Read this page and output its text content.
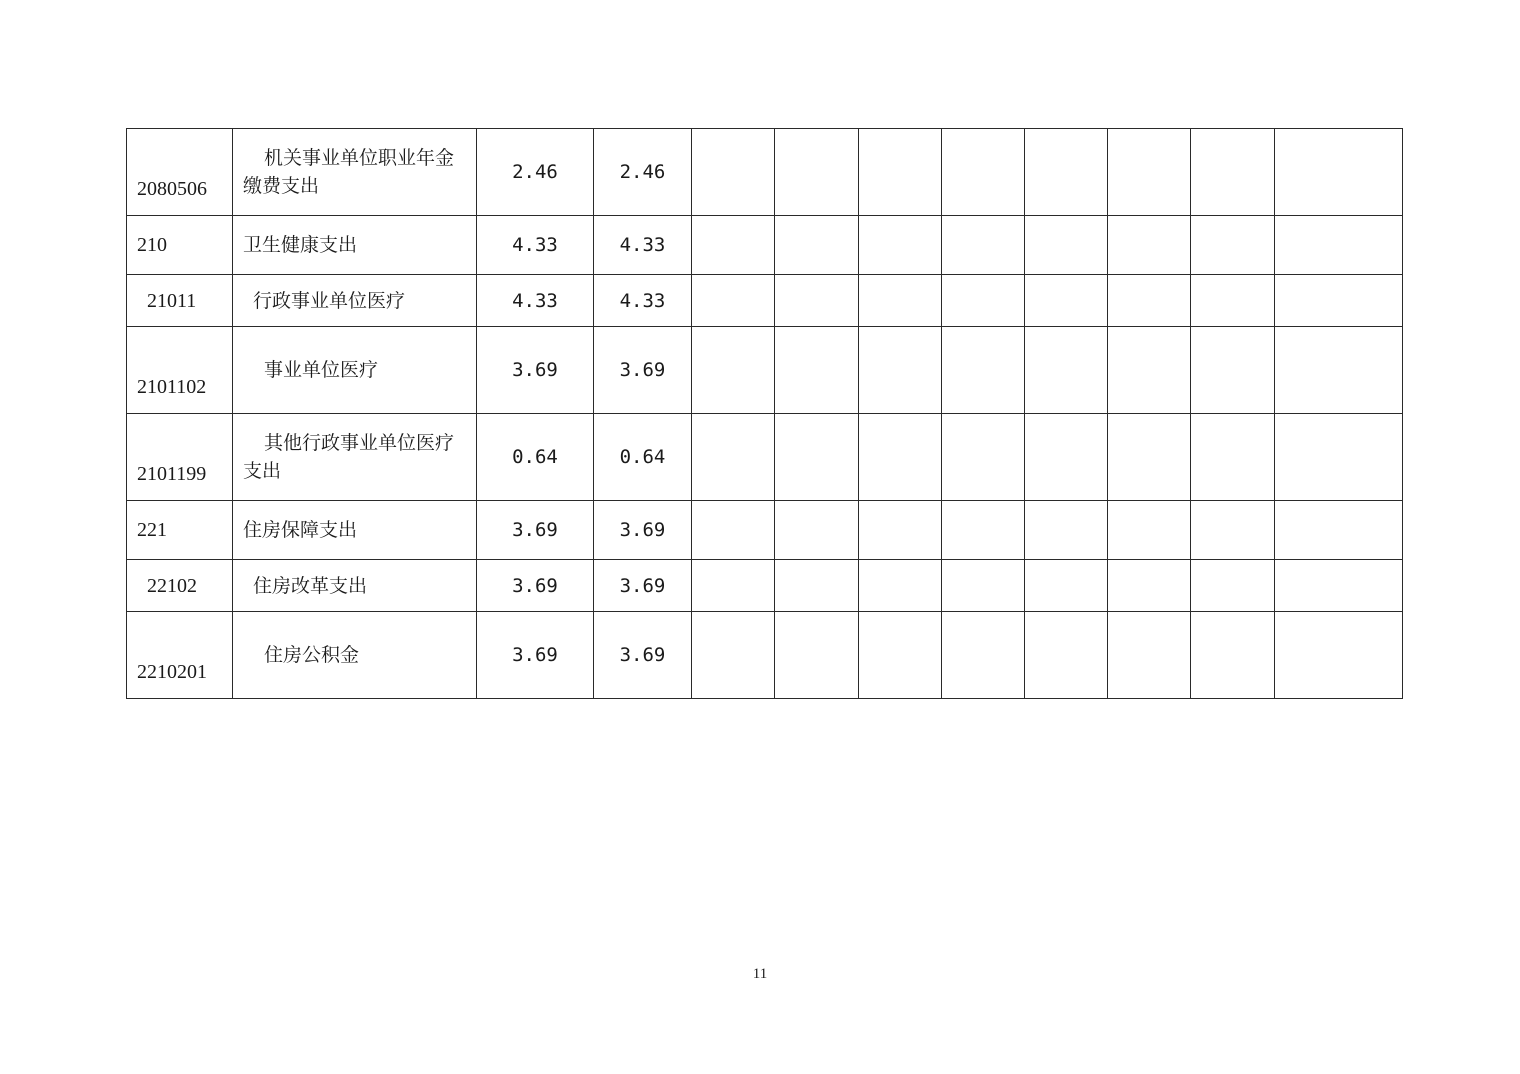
2080506	机关事业单位职业年金缴费支出	2.46	2.46								
210	卫生健康支出	4.33	4.33								
21011	行政事业单位医疗	4.33	4.33								
2101102	事业单位医疗	3.69	3.69								
2101199	其他行政事业单位医疗支出	0.64	0.64								
221	住房保障支出	3.69	3.69								
22102	住房改革支出	3.69	3.69								
2210201	住房公积金	3.69	3.69								
11
